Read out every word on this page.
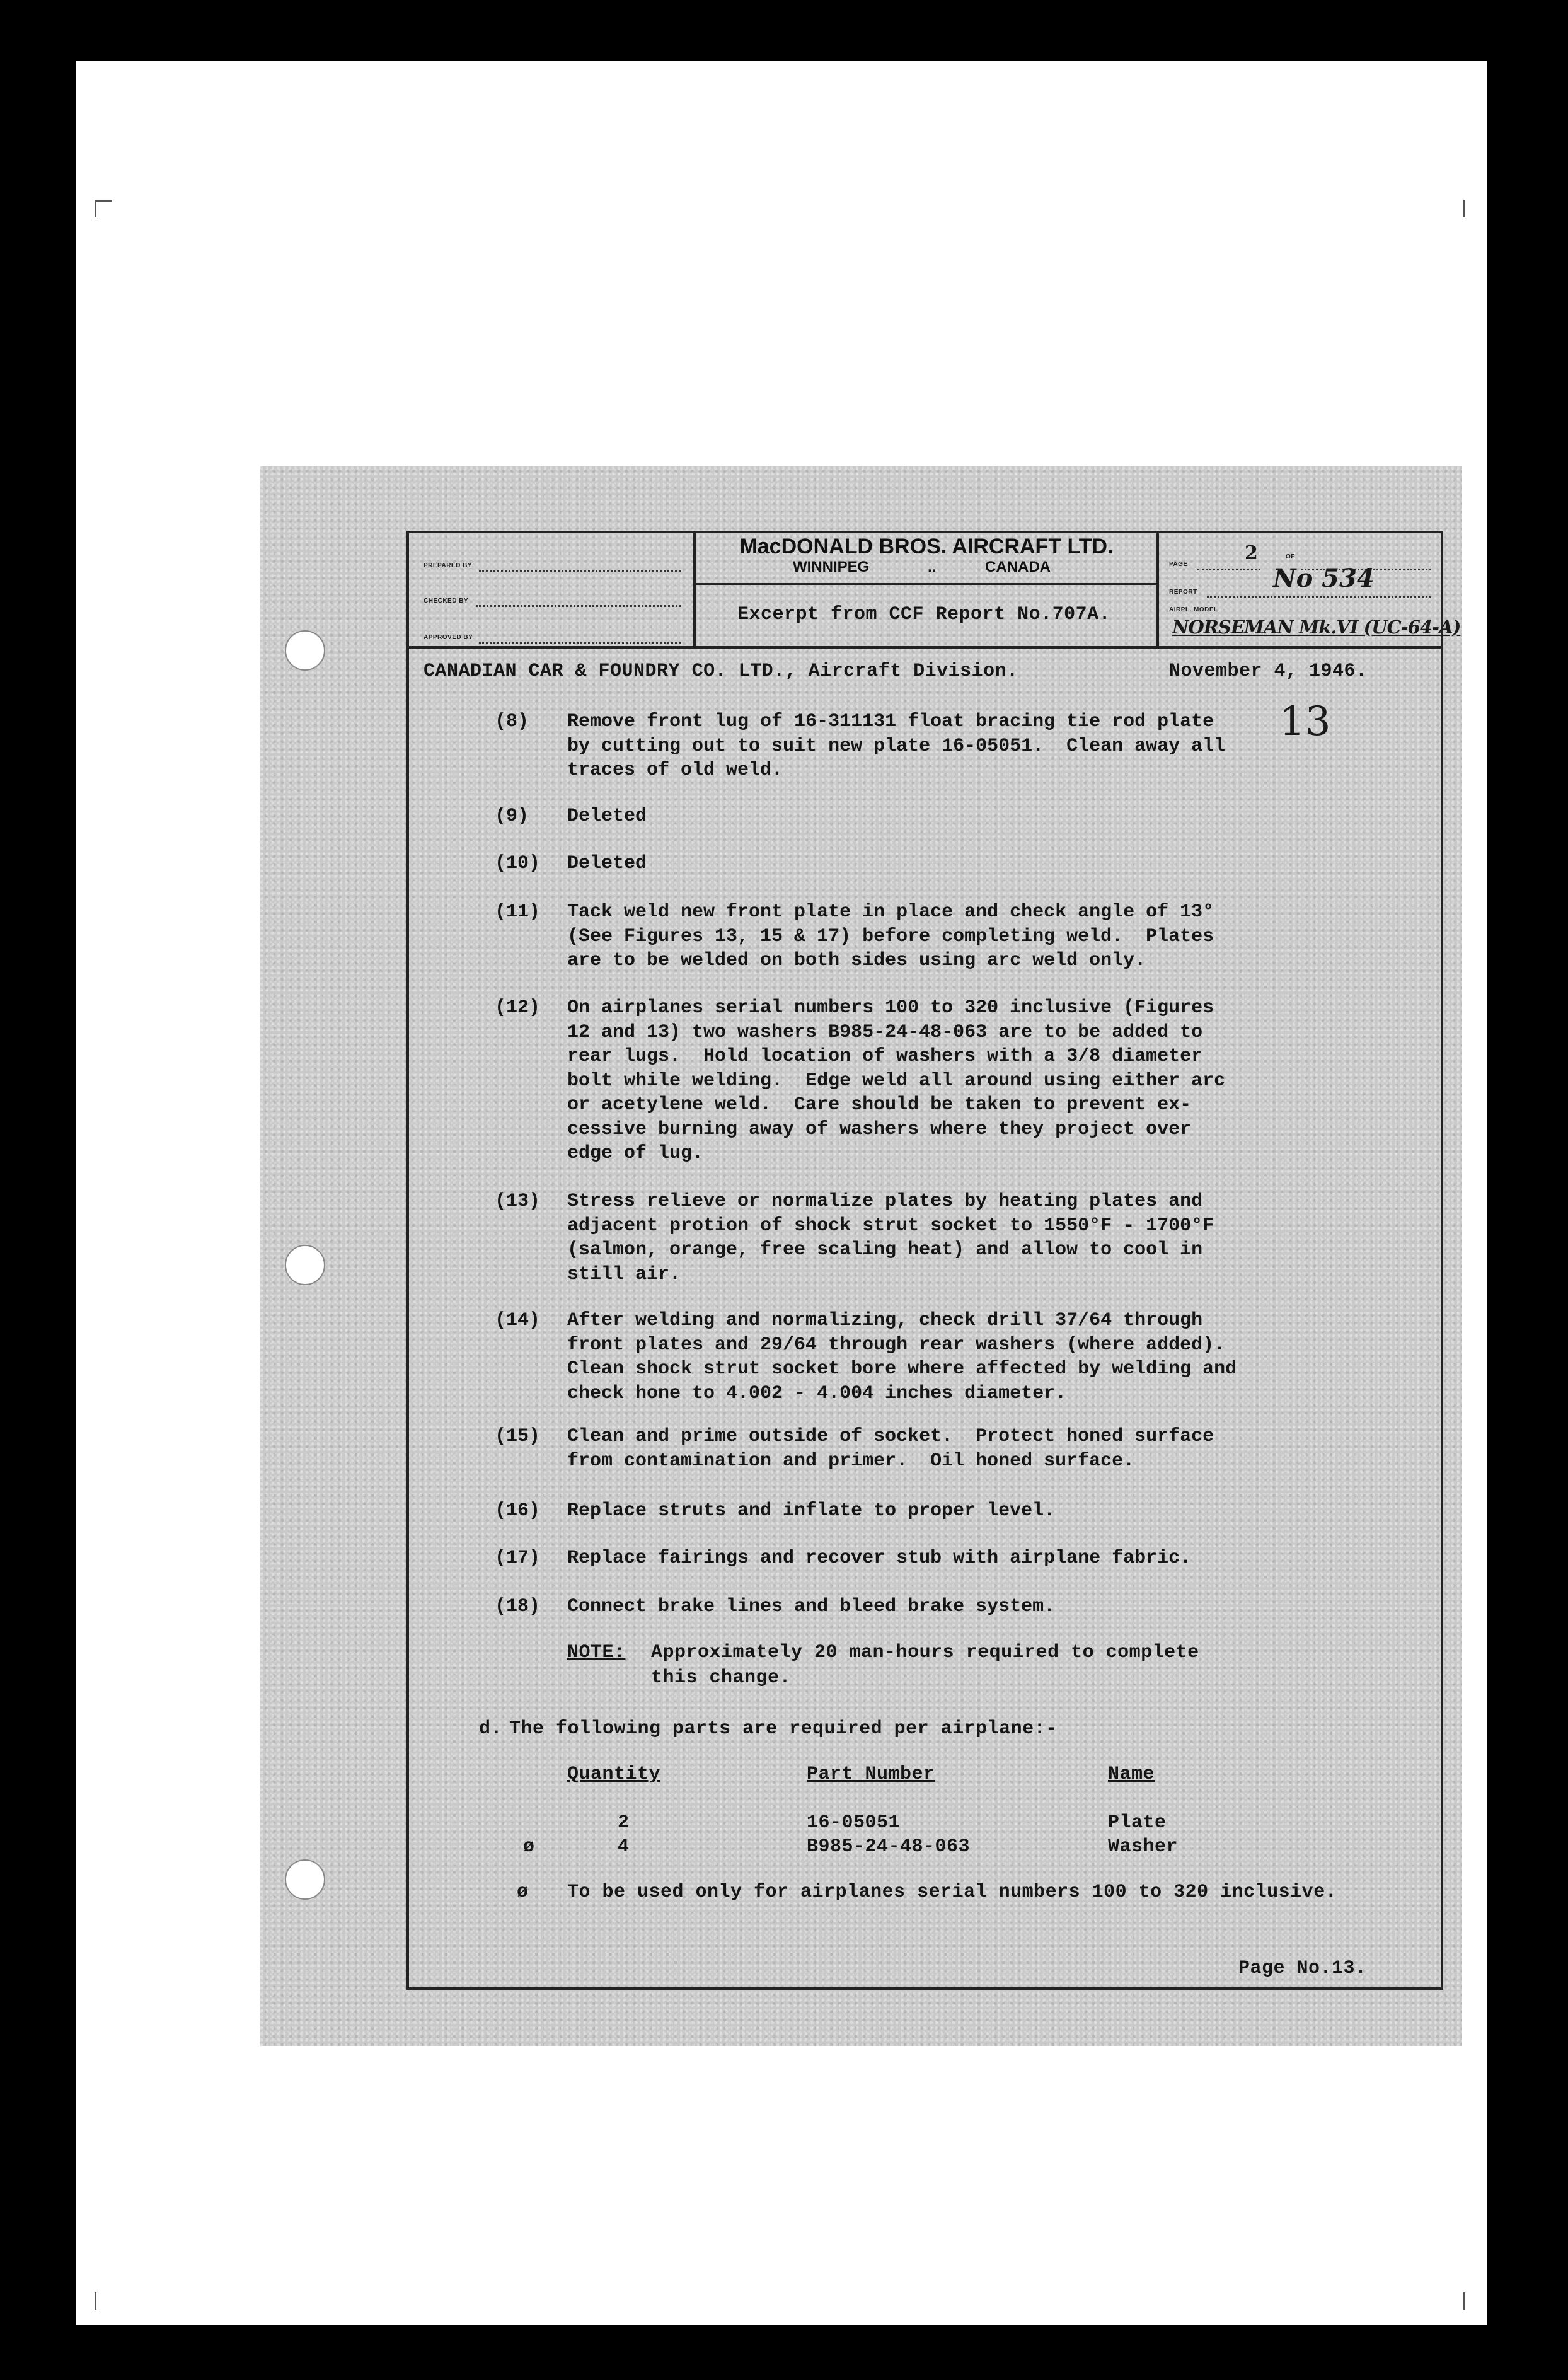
PREPARED BY
CHECKED BY
APPROVED BY
MacDONALD BROS. AIRCRAFT LTD.
WINNIPEG	..	CANADA
Excerpt from CCF Report No.707A.
PAGE
2	OF
REPORT	No 534
AIRPL. MODEL
NORSEMAN Mk.VI (UC-64-A)
CANADIAN CAR & FOUNDRY CO. LTD., Aircraft Division.	November 4, 1946.
13
(8) Remove front lug of 16-311131 float bracing tie rod plate
by cutting out to suit new plate 16-05051.  Clean away all
traces of old weld.
(9) Deleted
(10) Deleted
(11) Tack weld new front plate in place and check angle of 13°
(See Figures 13, 15 & 17) before completing weld.  Plates
are to be welded on both sides using arc weld only.
(12) On airplanes serial numbers 100 to 320 inclusive (Figures
12 and 13) two washers B985-24-48-063 are to be added to
rear lugs.  Hold location of washers with a 3/8 diameter
bolt while welding.  Edge weld all around using either arc
or acetylene weld.  Care should be taken to prevent ex-
cessive burning away of washers where they project over
edge of lug.
(13) Stress relieve or normalize plates by heating plates and
adjacent protion of shock strut socket to 1550°F - 1700°F
(salmon, orange, free scaling heat) and allow to cool in
still air.
(14) After welding and normalizing, check drill 37/64 through
front plates and 29/64 through rear washers (where added).
Clean shock strut socket bore where affected by welding and
check hone to 4.002 - 4.004 inches diameter.
(15) Clean and prime outside of socket.  Protect honed surface
from contamination and primer.  Oil honed surface.
(16) Replace struts and inflate to proper level.
(17) Replace fairings and recover stub with airplane fabric.
(18) Connect brake lines and bleed brake system.
NOTE: Approximately 20 man-hours required to complete
this change.
d. The following parts are required per airplane:-
Quantity	Part Number	Name
2	16-05051	Plate
ø	4	B985-24-48-063	Washer
ø To be used only for airplanes serial numbers 100 to 320 inclusive.
Page No.13.
